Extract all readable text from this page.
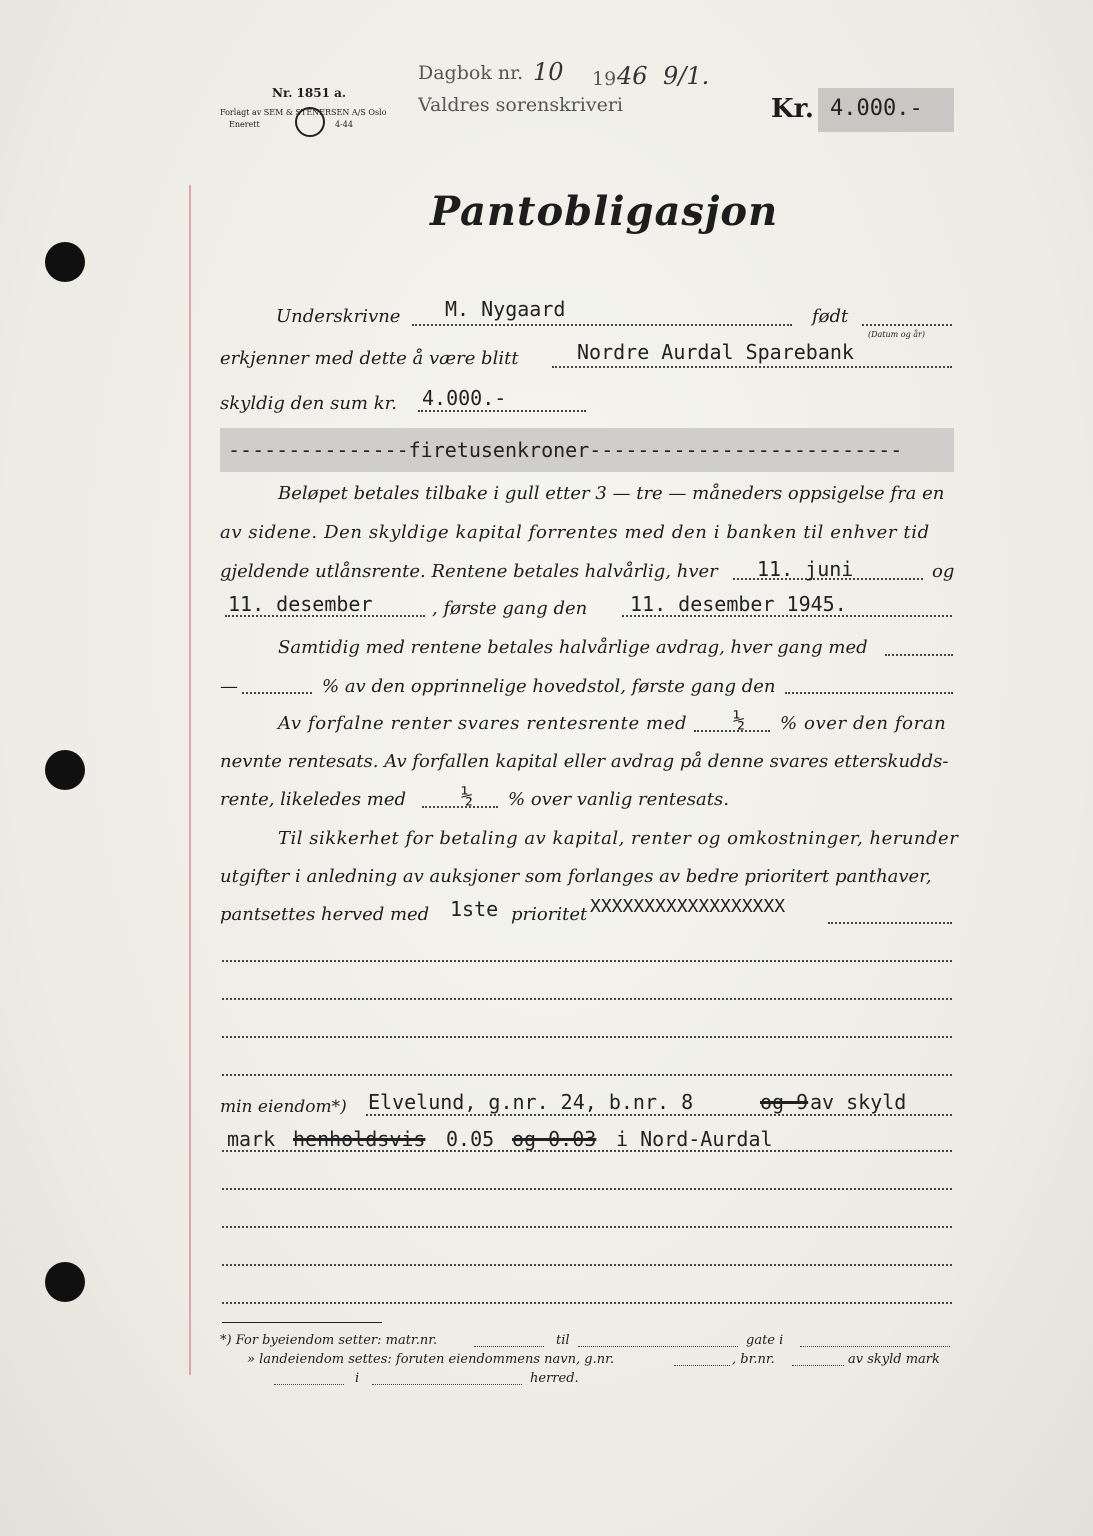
Nr. 1851 a.
Forlagt av SEM & STENERSEN A/S Oslo
Enerett	4-44
Dagbok nr. 10 19 46 9/1.
Valdres sorenskriveri	Kr. 4.000.-
Pantobligasjon
Underskrivne M. Nygaard	født
(Datum og år)
erkjenner med dette å være blitt	Nordre Aurdal Sparebank
skyldig den sum kr. 4.000.-
---------------firetusenkroner--------------------------
Beløpet betales tilbake i gull etter 3 — tre — måneders oppsigelse fra en
av sidene. Den skyldige kapital forrentes med den i banken til enhver tid
gjeldende utlånsrente. Rentene betales halvårlig, hver 11. juni	og
11. desember	, første gang den 11. desember 1945.
Samtidig med rentene betales halvårlige avdrag, hver gang med
—	% av den opprinnelige hovedstol, første gang den
Av forfalne renter svares rentesrente med ½ % over den foran
nevnte rentesats. Av forfallen kapital eller avdrag på denne svares etterskudds-
rente, likeledes med	½ % over vanlig rentesats.
Til sikkerhet for betaling av kapital, renter og omkostninger, herunder
utgifter i anledning av auksjoner som forlanges av bedre prioritert panthaver,
pantsettes herved med 1ste prioritet XXXXXXXXXXXXXXXXXX
min eiendom*) Elvelund, g.nr. 24, b.nr. 8	og 9 av skyld
mark henholdsvis 0.05 og 0.03 i Nord-Aurdal
*) For byeiendom setter: matr.nr.	til	gate i
» landeiendom settes: foruten eiendommens navn, g.nr.	, br.nr.	av skyld mark
i	herred.
